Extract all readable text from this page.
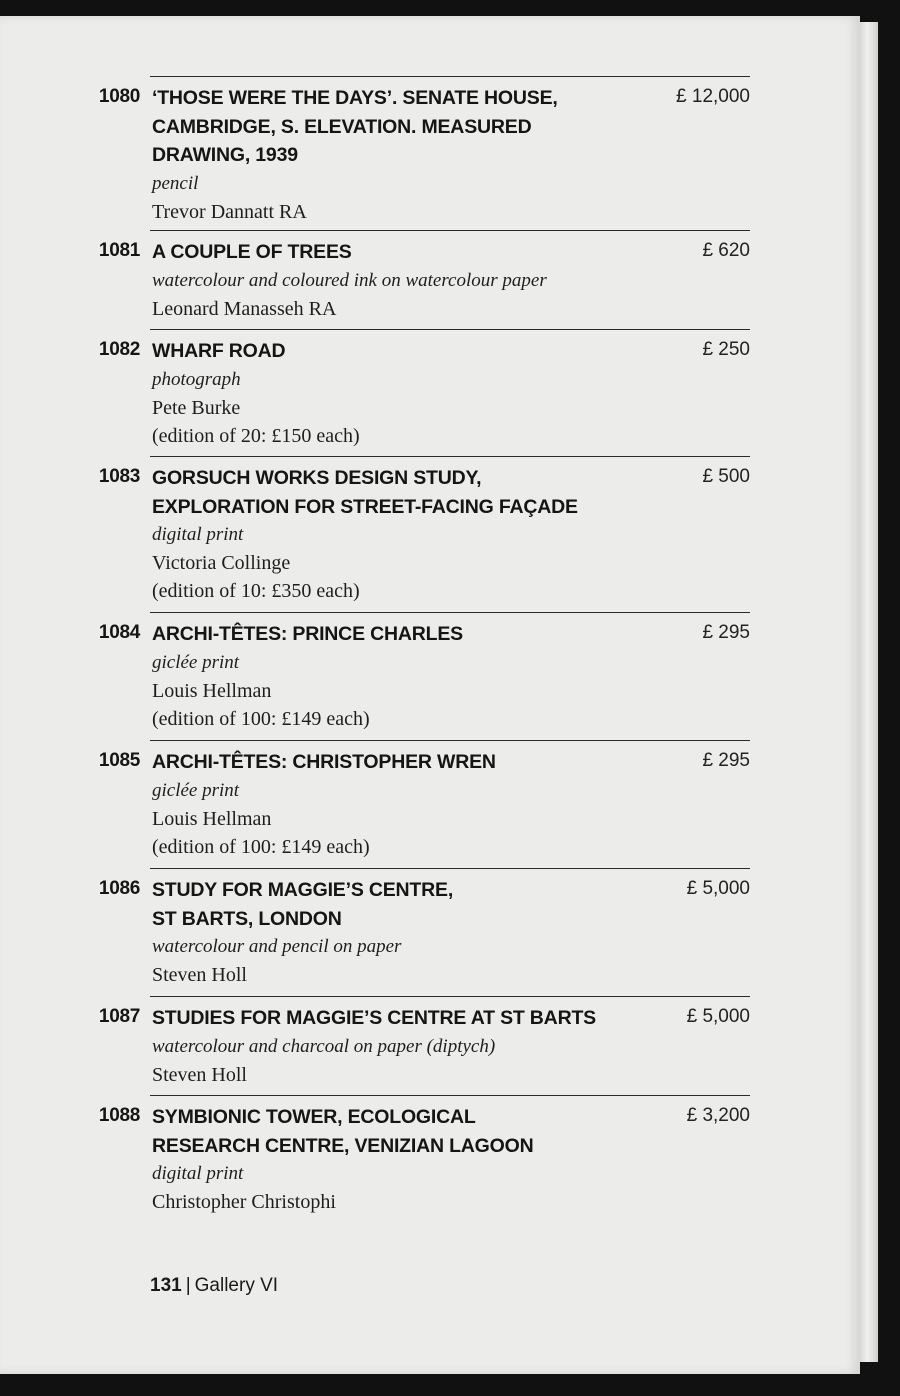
1080 ‘THOSE WERE THE DAYS’. SENATE HOUSE,
CAMBRIDGE, S. ELEVATION. MEASURED
DRAWING, 1939
pencil
Trevor Dannatt RA
£ 12,000
1081 A COUPLE OF TREES
watercolour and coloured ink on watercolour paper
Leonard Manasseh RA
£ 620
1082 WHARF ROAD
photograph
Pete Burke
(edition of 20: £150 each)
£ 250
1083 GORSUCH WORKS DESIGN STUDY,
EXPLORATION FOR STREET-FACING FAÇADE
digital print
Victoria Collinge
(edition of 10: £350 each)
£ 500
1084 ARCHI-TÊTES: PRINCE CHARLES
giclée print
Louis Hellman
(edition of 100: £149 each)
£ 295
1085 ARCHI-TÊTES: CHRISTOPHER WREN
giclée print
Louis Hellman
(edition of 100: £149 each)
£ 295
1086 STUDY FOR MAGGIE’S CENTRE,
ST BARTS, LONDON
watercolour and pencil on paper
Steven Holl
£ 5,000
1087 STUDIES FOR MAGGIE’S CENTRE AT ST BARTS
watercolour and charcoal on paper (diptych)
Steven Holl
£ 5,000
1088 SYMBIONIC TOWER, ECOLOGICAL
RESEARCH CENTRE, VENIZIAN LAGOON
digital print
Christopher Christophi
£ 3,200
131 | Gallery VI
